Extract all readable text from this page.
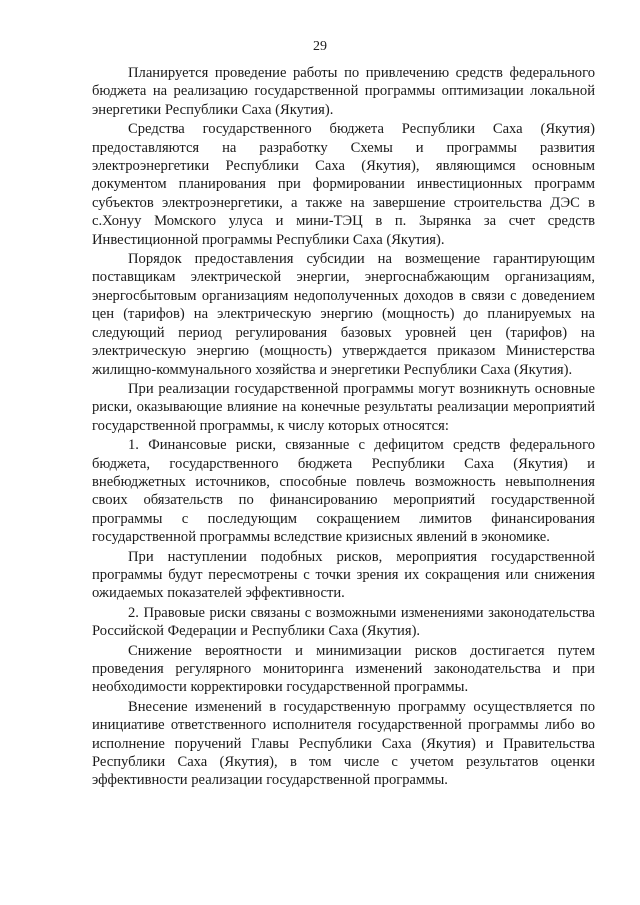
29

Планируется проведение работы по привлечению средств федерального бюджета на реализацию государственной программы оптимизации локальной энергетики Республики Саха (Якутия).

Средства государственного бюджета Республики Саха (Якутия) предоставляются на разработку Схемы и программы развития электроэнергетики Республики Саха (Якутия), являющимся основным документом планирования при формировании инвестиционных программ субъектов электроэнергетики, а также на завершение строительства ДЭС в с.Хонуу Момского улуса и мини-ТЭЦ в п. Зырянка за счет средств Инвестиционной программы Республики Саха (Якутия).

Порядок предоставления субсидии на возмещение гарантирующим поставщикам электрической энергии, энергоснабжающим организациям, энергосбытовым организациям недополученных доходов в связи с доведением цен (тарифов) на электрическую энергию (мощность) до планируемых на следующий период регулирования базовых уровней цен (тарифов) на электрическую энергию (мощность) утверждается приказом Министерства жилищно-коммунального хозяйства и энергетики Республики Саха (Якутия).

При реализации государственной программы могут возникнуть основные риски, оказывающие влияние на конечные результаты реализации мероприятий государственной программы, к числу которых относятся:

1. Финансовые риски, связанные с дефицитом средств федерального бюджета, государственного бюджета Республики Саха (Якутия) и внебюджетных источников, способные повлечь возможность невыполнения своих обязательств по финансированию мероприятий государственной программы с последующим сокращением лимитов финансирования государственной программы вследствие кризисных явлений в экономике.

При наступлении подобных рисков, мероприятия государственной программы будут пересмотрены с точки зрения их сокращения или снижения ожидаемых показателей эффективности.

2. Правовые риски связаны с возможными изменениями законодательства Российской Федерации и Республики Саха (Якутия).

Снижение вероятности и минимизации рисков достигается путем проведения регулярного мониторинга изменений законодательства и при необходимости корректировки государственной программы.

Внесение изменений в государственную программу осуществляется по инициативе ответственного исполнителя государственной программы либо во исполнение поручений Главы Республики Саха (Якутия) и Правительства Республики Саха (Якутия), в том числе с учетом результатов оценки эффективности реализации государственной программы.
